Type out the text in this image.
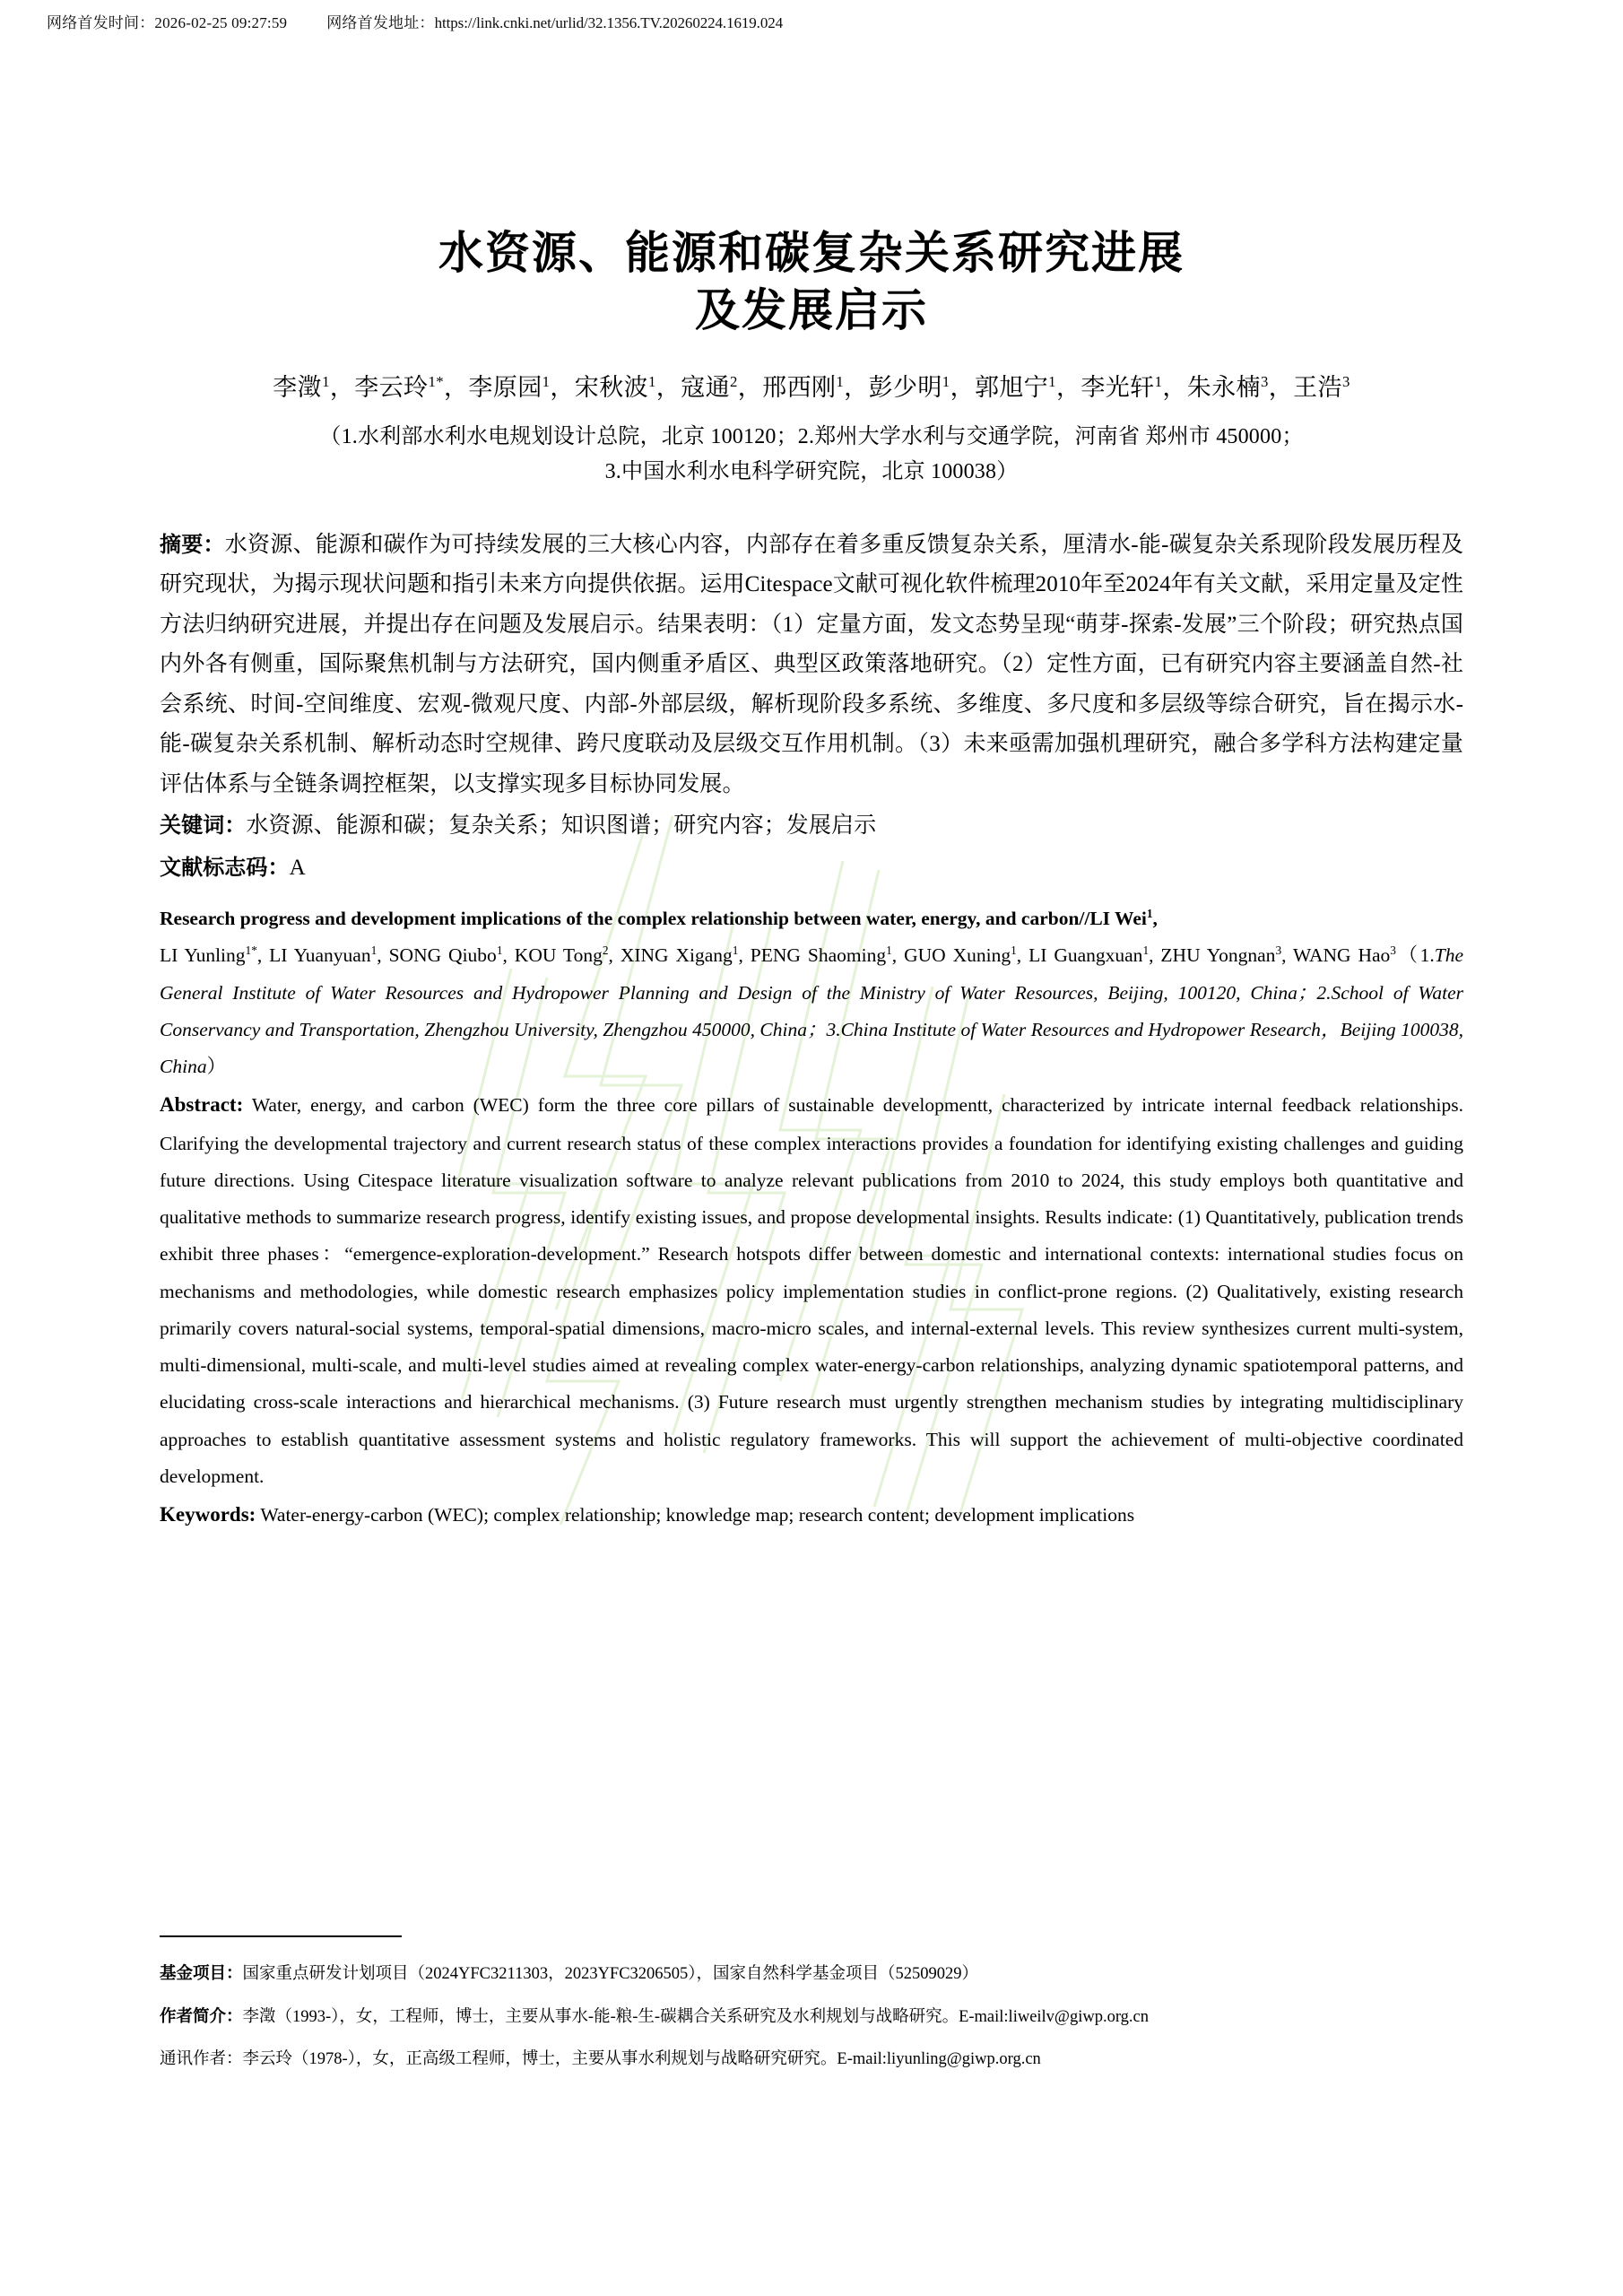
网络首发时间：2026-02-25 09:27:59	网络首发地址：https://link.cnki.net/urlid/32.1356.TV.20260224.1619.024
水资源、能源和碳复杂关系研究进展
及发展启示
李澂$^1$，李云玲$^{1*}$，李原园$^1$，宋秋波$^1$，寇通$^2$，邢西刚$^1$，彭少明$^1$，郭旭宁$^1$，李光轩$^1$，朱永楠$^3$，王浩$^3$
（1.水利部水利水电规划设计总院，北京 100120；2.郑州大学水利与交通学院，河南省 郑州市 450000；
3.中国水利水电科学研究院，北京 100038）

摘要：水资源、能源和碳作为可持续发展的三大核心内容，内部存在着多重反馈复杂关系，厘清水-能-碳复杂关系现阶段发展历程及研究现状，为揭示现状问题和指引未来方向提供依据。运用Citespace文献可视化软件梳理2010年至2024年有关文献，采用定量及定性方法归纳研究进展，并提出存在问题及发展启示。结果表明：（1）定量方面，发文态势呈现“萌芽-探索-发展”三个阶段；研究热点国内外各有侧重，国际聚焦机制与方法研究，国内侧重矛盾区、典型区政策落地研究。（2）定性方面，已有研究内容主要涵盖自然-社会系统、时间-空间维度、宏观-微观尺度、内部-外部层级，解析现阶段多系统、多维度、多尺度和多层级等综合研究，旨在揭示水-能-碳复杂关系机制、解析动态时空规律、跨尺度联动及层级交互作用机制。（3）未来亟需加强机理研究，融合多学科方法构建定量评估体系与全链条调控框架，以支撑实现多目标协同发展。

关键词：水资源、能源和碳；复杂关系；知识图谱；研究内容；发展启示

文献标志码：A

Research progress and development implications of the complex relationship between water, energy, and carbon//LI Wei$^1$,

LI Yunling$^{1*}$, LI Yuanyuan$^1$, SONG Qiubo$^1$, KOU Tong$^2$, XING Xigang$^1$, PENG Shaoming$^1$, GUO Xuning$^1$, LI Guangxuan$^1$, ZHU Yongnan$^3$, WANG Hao$^3$（1.The General Institute of Water Resources and Hydropower Planning and Design of the Ministry of Water Resources, Beijing, 100120, China；2.School of Water Conservancy and Transportation, Zhengzhou University, Zhengzhou 450000, China；3.China Institute of Water Resources and Hydropower Research，Beijing 100038, China）

Abstract: Water, energy, and carbon (WEC) form the three core pillars of sustainable developmentt, characterized by intricate internal feedback relationships. Clarifying the developmental trajectory and current research status of these complex interactions provides a foundation for identifying existing challenges and guiding future directions. Using Citespace literature visualization software to analyze relevant publications from 2010 to 2024, this study employs both quantitative and qualitative methods to summarize research progress, identify existing issues, and propose developmental insights. Results indicate: (1) Quantitatively, publication trends exhibit three phases：“emergence-exploration-development.” Research hotspots differ between domestic and international contexts: international studies focus on mechanisms and methodologies, while domestic research emphasizes policy implementation studies in conflict-prone regions. (2) Qualitatively, existing research primarily covers natural-social systems, temporal-spatial dimensions, macro-micro scales, and internal-external levels. This review synthesizes current multi-system, multi-dimensional, multi-scale, and multi-level studies aimed at revealing complex water-energy-carbon relationships, analyzing dynamic spatiotemporal patterns, and elucidating cross-scale interactions and hierarchical mechanisms. (3) Future research must urgently strengthen mechanism studies by integrating multidisciplinary approaches to establish quantitative assessment systems and holistic regulatory frameworks. This will support the achievement of multi-objective coordinated development.

Keywords: Water-energy-carbon (WEC); complex relationship; knowledge map; research content; development implications

基金项目：国家重点研发计划项目（2024YFC3211303，2023YFC3206505），国家自然科学基金项目（52509029）

作者简介：李澂（1993-），女，工程师，博士，主要从事水-能-粮-生-碳耦合关系研究及水利规划与战略研究。E-mail:liweilv@giwp.org.cn

通讯作者：李云玲（1978-），女，正高级工程师，博士，主要从事水利规划与战略研究研究。E-mail:liyunling@giwp.org.cn
